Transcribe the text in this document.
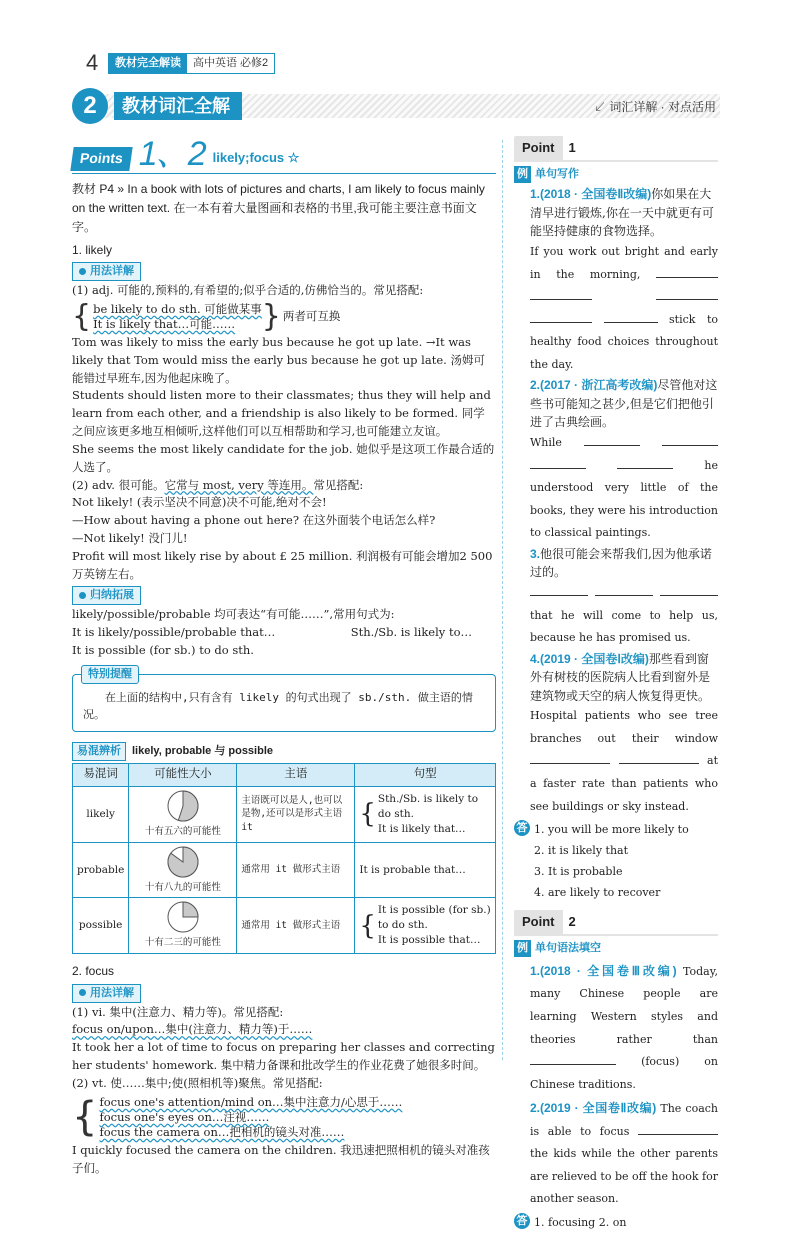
4	教材完全解读	高中英语 必修2
2	教材词汇全解	↙ 词汇详解 · 对点活用
Points 1、2 likely;focus ☆
教材 P4 » In a book with lots of pictures and charts, I am likely to focus mainly on the written text. 在一本有着大量图画和表格的书里,我可能主要注意书面文字。
1. likely
用法详解

(1) adj. 可能的,预料的,有希望的;似乎合适的,仿佛恰当的。常见搭配:

{ be likely to do sth. 可能做某事
It is likely that…可能…… } 两者可互换

Tom was likely to miss the early bus because he got up late. →It was likely that Tom would miss the early bus because he got up late. 汤姆可能错过早班车,因为他起床晚了。

Students should listen more to their classmates; thus they will help and learn from each other, and a friendship is also likely to be formed. 同学之间应该更多地互相倾听,这样他们可以互相帮助和学习,也可能建立友谊。

She seems the most likely candidate for the job. 她似乎是这项工作最合适的人选了。

(2) adv. 很可能。它常与 most, very 等连用。常见搭配:

Not likely! (表示坚决不同意)决不可能,绝对不会!

—How about having a phone out here? 在这外面装个电话怎么样?

—Not likely! 没门儿!

Profit will most likely rise by about £ 25 million. 利润极有可能会增加2 500万英镑左右。

归纳拓展

likely/possible/probable 均可表达“有可能……”,常用句式为:

It is likely/possible/probable that…	Sth./Sb. is likely to…

It is possible (for sb.) to do sth.

特别提醒
在上面的结构中,只有含有 likely 的句式出现了 sb./sth. 做主语的情况。
易混辨析	likely, probable 与 possible
易混词	可能性大小	主语	句型
likely	十有五六的可能性	主语既可以是人,也可以是物,还可以是形式主语 it	{
Sth./Sb. is likely to do sth.
It is likely that…

probable	十有八九的可能性	通常用 it 做形式主语	It is probable that…

possible	十有二三的可能性	通常用 it 做形式主语	{
It is possible (for sb.) to do sth.
It is possible that…
2. focus
用法详解

(1) vi. 集中(注意力、精力等)。常见搭配:

focus on/upon…集中(注意力、精力等)于……

It took her a lot of time to focus on preparing her classes and correcting her students' homework. 集中精力备课和批改学生的作业花费了她很多时间。

(2) vt. 使……集中;使(照相机等)聚焦。常见搭配:

{ focus one's attention/mind on…集中注意力/心思于……
focus one's eyes on…注视……
focus the camera on…把相机的镜头对准……

I quickly focused the camera on the children. 我迅速把照相机的镜头对准孩子们。

Point	1
例 单句写作
1.(2018 · 全国卷Ⅱ改编)你如果在大清早进行锻炼,你在一天中就更有可能坚持健康的食物选择。
If you work out bright and early in the morning,      stick to healthy food choices throughout the day.
2.(2017 · 浙江高考改编)尽管他对这些书可能知之甚少,但是它们把他引进了古典绘画。
While     he understood very little of the books, they were his introduction to classical paintings.
3.他很可能会来帮我们,因为他承诺过的。
that he will come to help us, because he has promised us.
4.(2019 · 全国卷Ⅰ改编)那些看到窗外有树枝的医院病人比看到窗外是建筑物或天空的病人恢复得更快。
Hospital patients who see tree branches out their window   at a faster rate than patients who see buildings or sky instead.
答 1. you will be more likely to
2. it is likely that
3. It is probable
4. are likely to recover
Point	2
例 单句语法填空
1.(2018 · 全国卷Ⅲ改编) Today, many Chinese people are learning Western styles and theories rather than  (focus) on Chinese traditions.
2.(2019 · 全国卷Ⅱ改编) The coach is able to focus  the kids while the other parents are relieved to be off the hook for another season.
答 1. focusing 2. on
